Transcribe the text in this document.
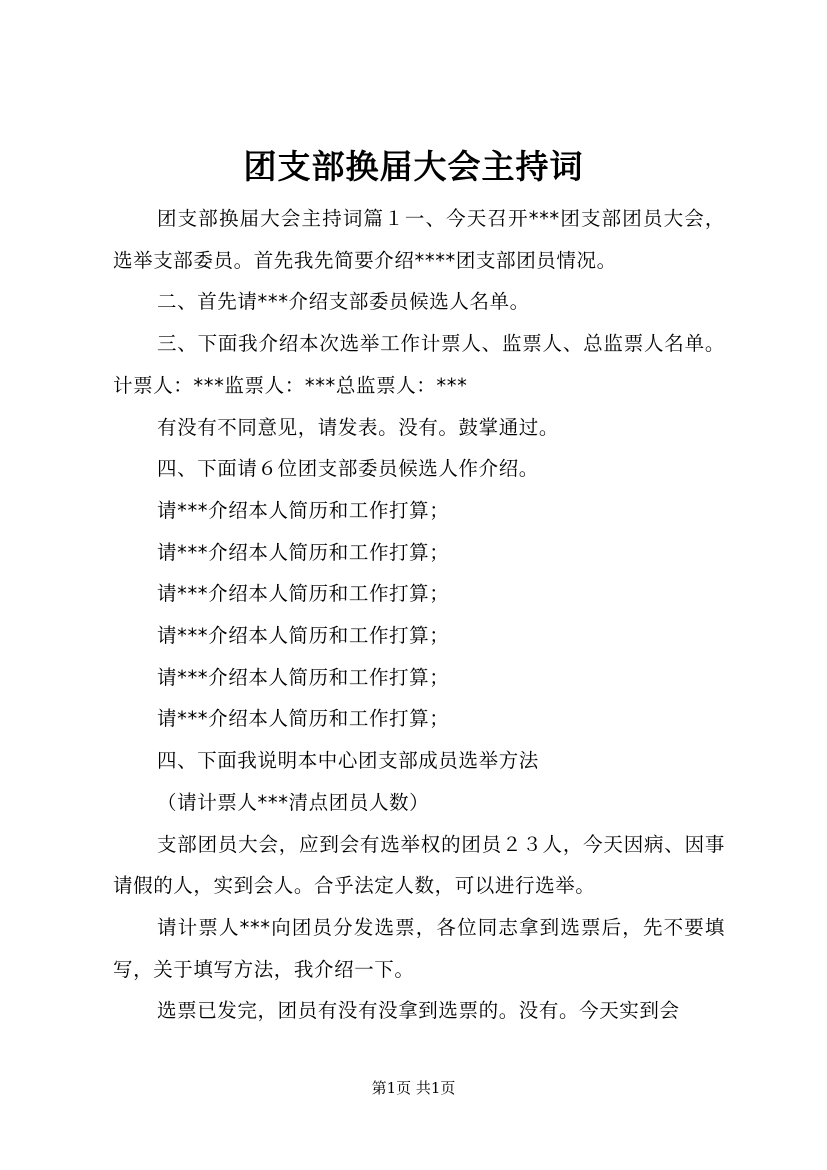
团支部换届大会主持词

团支部换届大会主持词篇１一、今天召开***团支部团员大会，选举支部委员。首先我先简要介绍****团支部团员情况。

二、首先请***介绍支部委员候选人名单。

三、下面我介绍本次选举工作计票人、监票人、总监票人名单。计票人：***监票人：***总监票人：***

有没有不同意见，请发表。没有。鼓掌通过。

四、下面请６位团支部委员候选人作介绍。

请***介绍本人简历和工作打算；

请***介绍本人简历和工作打算；

请***介绍本人简历和工作打算；

请***介绍本人简历和工作打算；

请***介绍本人简历和工作打算；

请***介绍本人简历和工作打算；

四、下面我说明本中心团支部成员选举方法

（请计票人***清点团员人数）

支部团员大会，应到会有选举权的团员２３人，今天因病、因事请假的人，实到会人。合乎法定人数，可以进行选举。

请计票人***向团员分发选票，各位同志拿到选票后，先不要填写，关于填写方法，我介绍一下。

选票已发完，团员有没有没拿到选票的。没有。今天实到会

第1页 共1页
